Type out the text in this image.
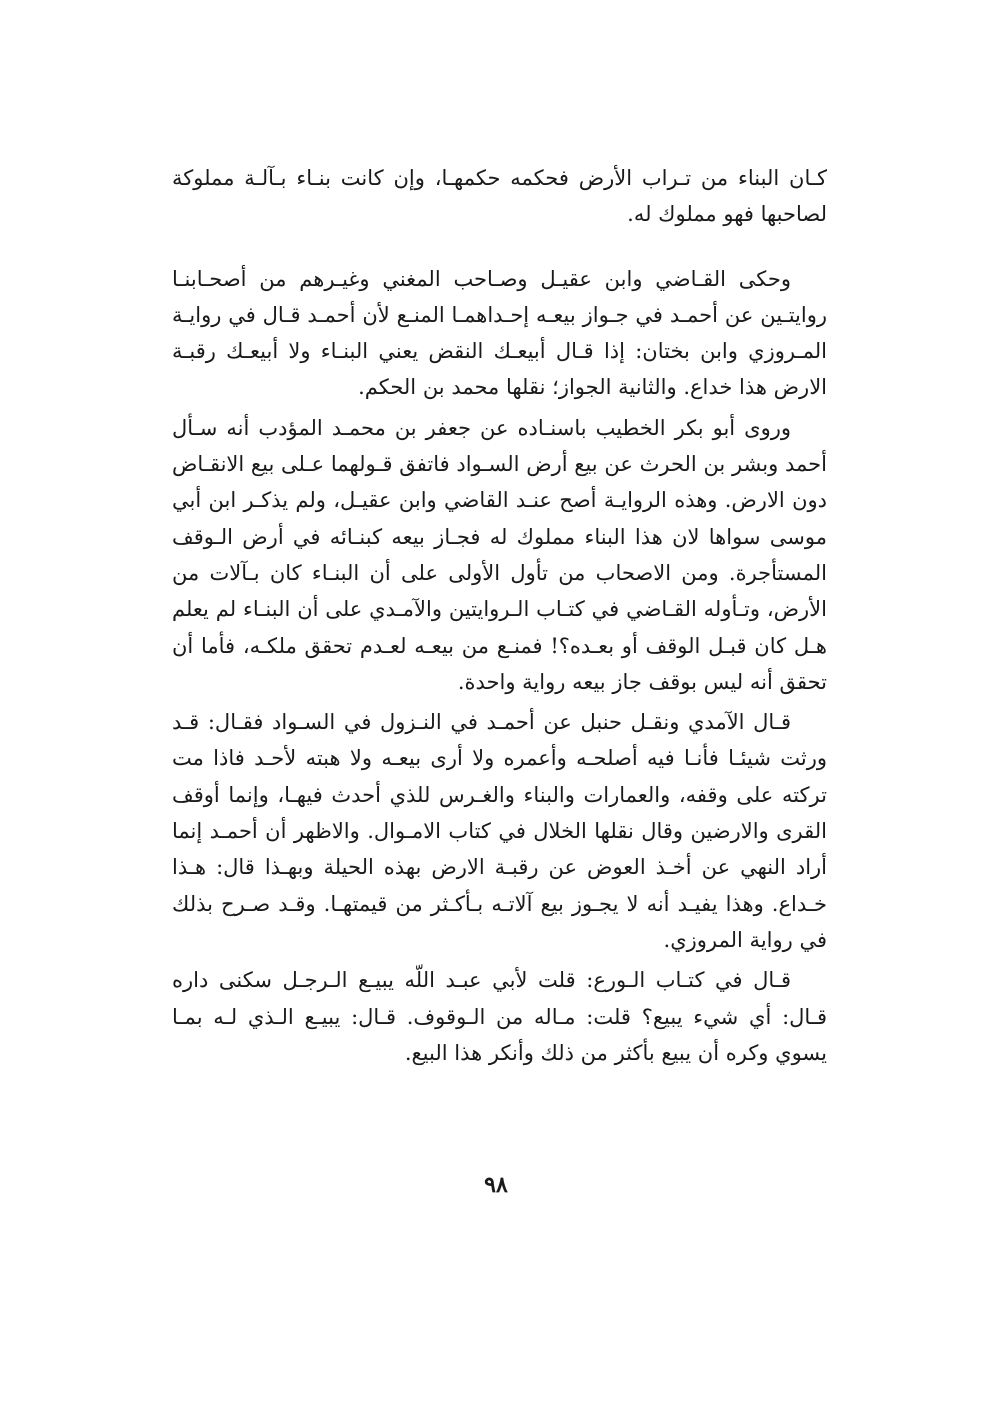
كـان البناء من تـراب الأرض فحكمه حكمهـا، وإن كانت بنـاء بـآلـة مملوكة لصاحبها فهو مملوك له.

وحكى القـاضي وابن عقيـل وصـاحب المغني وغيـرهم من أصحـابنـا روايتـين عن أحمـد في جـواز بيعـه إحـداهمـا المنـع لأن أحمـد قـال في روايـة المـروزي وابن بختان: إذا قـال أبيعـك النقض يعني البنـاء ولا أبيعـك رقبـة الارض هذا خداع. والثانية الجواز؛ نقلها محمد بن الحكم.

وروى أبو بكر الخطيب باسنـاده عن جعفر بن محمـد المؤدب أنه سـأل أحمد وبشر بن الحرث عن بيع أرض السـواد فاتفق قـولهما عـلى بيع الانقـاض دون الارض. وهذه الروايـة أصح عنـد القاضي وابن عقيـل، ولم يذكـر ابن أبي موسى سواها لان هذا البناء مملوك له فجـاز بيعه كبنـائه في أرض الـوقف المستأجرة. ومن الاصحاب من تأول الأولى على أن البنـاء كان بـآلات من الأرض، وتـأوله القـاضي في كتـاب الـروايتين والآمـدي على أن البنـاء لم يعلم هـل كان قبـل الوقف أو بعـده؟! فمنـع من بيعـه لعـدم تحقق ملكـه، فأما أن تحقق أنه ليس بوقف جاز بيعه رواية واحدة.

قـال الآمدي ونقـل حنبل عن أحمـد في النـزول في السـواد فقـال: قـد ورثت شيئـا فأنـا فيه أصلحـه وأعمره ولا أرى بيعـه ولا هبته لأحـد فاذا مت تركته على وقفه، والعمارات والبناء والغـرس للذي أحدث فيهـا، وإنما أوقف القرى والارضين وقال نقلها الخلال في كتاب الامـوال. والاظهر أن أحمـد إنما أراد النهي عن أخـذ العوض عن رقبـة الارض بهذه الحيلة وبهـذا قال: هـذا خـداع. وهذا يفيـد أنه لا يجـوز بيع آلاتـه بـأكـثر من قيمتهـا. وقـد صـرح بذلك في رواية المروزي.

قـال في كتـاب الـورع: قلت لأبي عبـد اللّه يبيـع الـرجـل سكنى داره قـال: أي شيء يبيع؟ قلت: مـاله من الـوقوف. قـال: يبيـع الـذي لـه بمـا يسوي وكره أن يبيع بأكثر من ذلك وأنكر هذا البيع.

٩٨
